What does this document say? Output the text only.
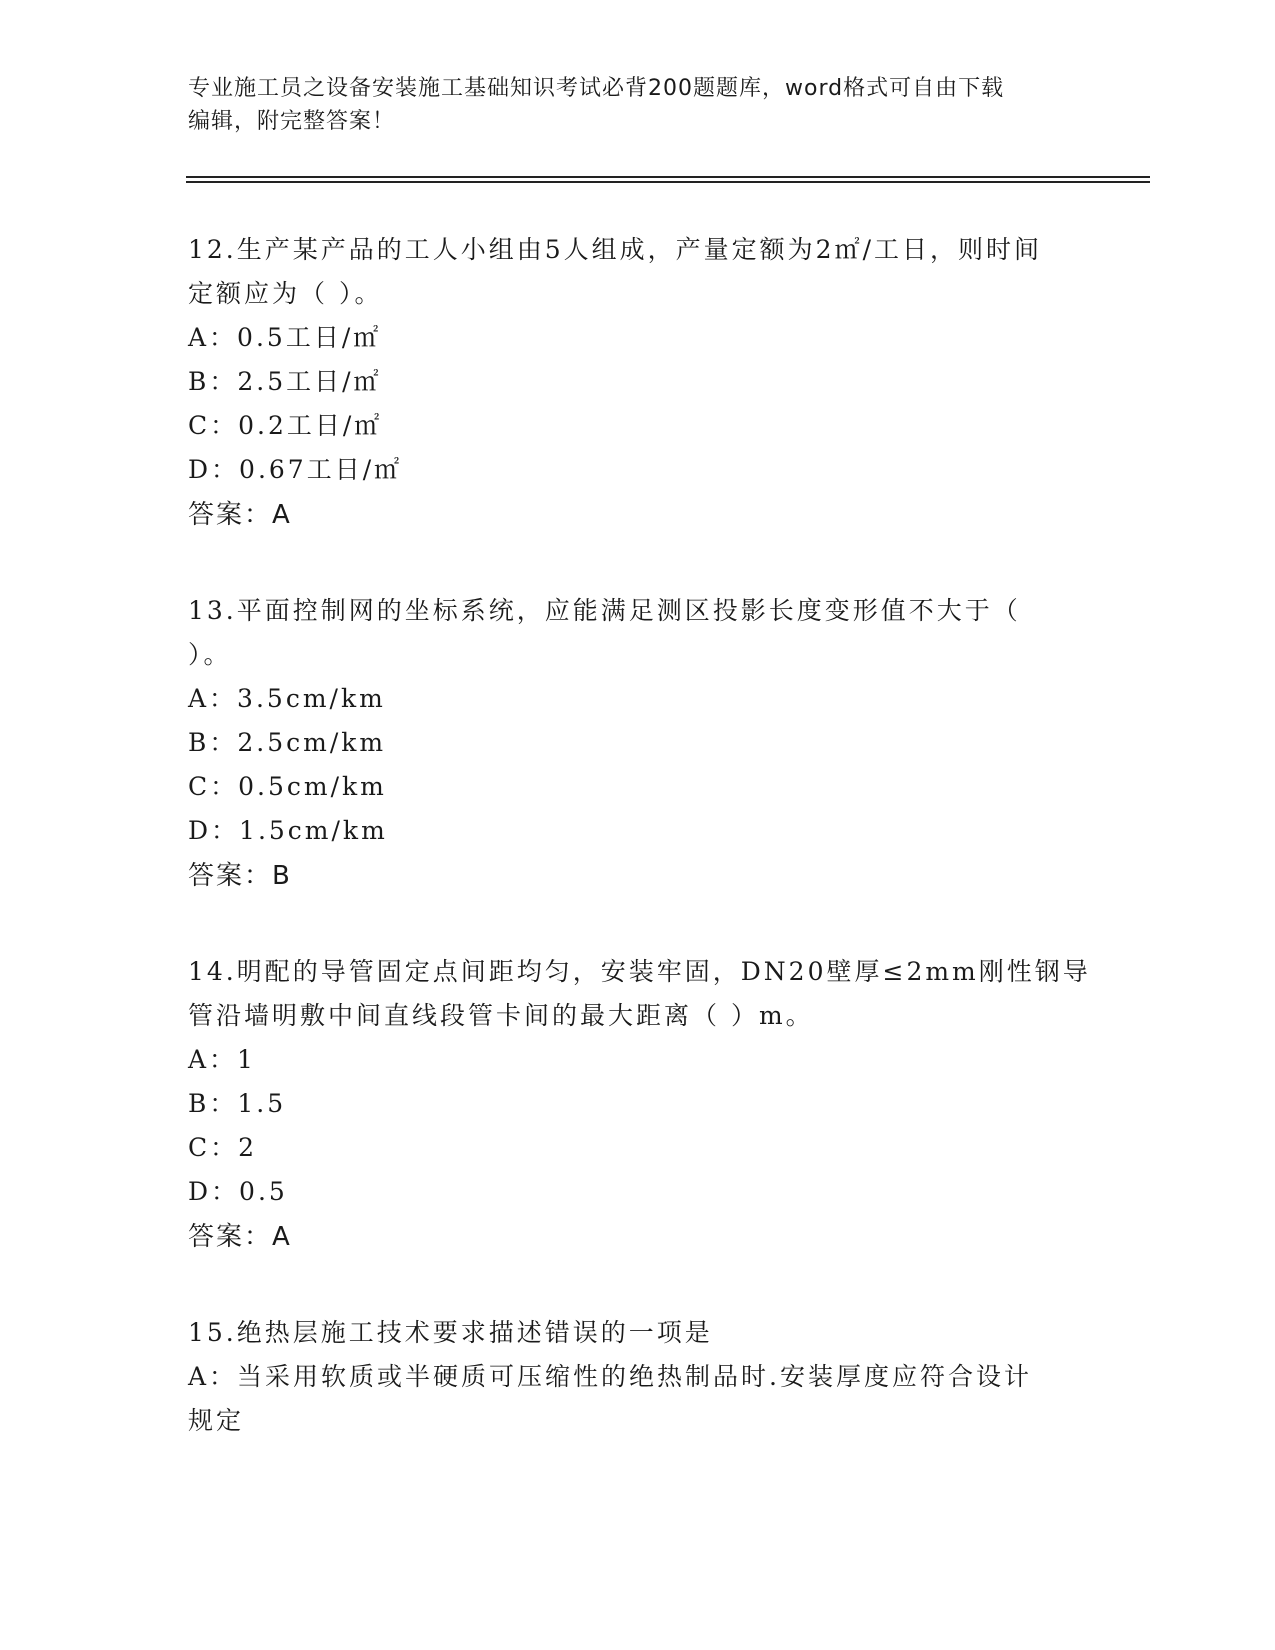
专业施工员之设备安装施工基础知识考试必背200题题库，word格式可自由下载
编辑，附完整答案！
12.生产某产品的工人小组由5人组成，产量定额为2㎡/工日，则时间
定额应为（ ）。
A：0.5工日/㎡
B：2.5工日/㎡
C：0.2工日/㎡
D：0.67工日/㎡
答案：A
13.平面控制网的坐标系统，应能满足测区投影长度变形值不大于（
）。
A：3.5cm/km
B：2.5cm/km
C：0.5cm/km
D：1.5cm/km
答案：B
14.明配的导管固定点间距均匀，安装牢固，DN20壁厚≤2mm刚性钢导
管沿墙明敷中间直线段管卡间的最大距离（ ）m。
A：1
B：1.5
C：2
D：0.5
答案：A
15.绝热层施工技术要求描述错误的一项是
A：当采用软质或半硬质可压缩性的绝热制品时.安装厚度应符合设计
规定
